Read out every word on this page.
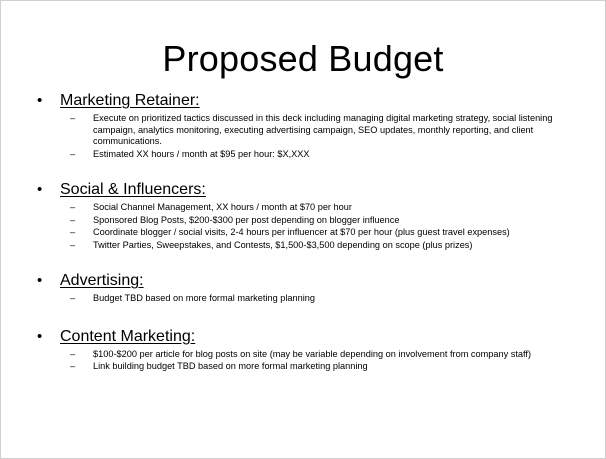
Proposed Budget
•	Marketing Retainer:
–	Execute on prioritized tactics discussed in this deck including managing digital marketing strategy, social listening campaign, analytics monitoring, executing advertising campaign, SEO updates, monthly reporting, and client communications.
–	Estimated XX hours / month at $95 per hour: $X,XXX
•	Social & Influencers:
–	Social Channel Management, XX hours / month at $70 per hour
–	Sponsored Blog Posts, $200-$300 per post depending on blogger influence
–	Coordinate blogger / social visits, 2-4 hours per influencer at $70 per hour (plus guest travel expenses)
–	Twitter Parties, Sweepstakes, and Contests, $1,500-$3,500 depending on scope (plus prizes)
•	Advertising:
–	Budget TBD based on more formal marketing planning
•	Content Marketing:
–	$100-$200 per article for blog posts on site (may be variable depending on involvement from company staff)
–	Link building budget TBD based on more formal marketing planning
